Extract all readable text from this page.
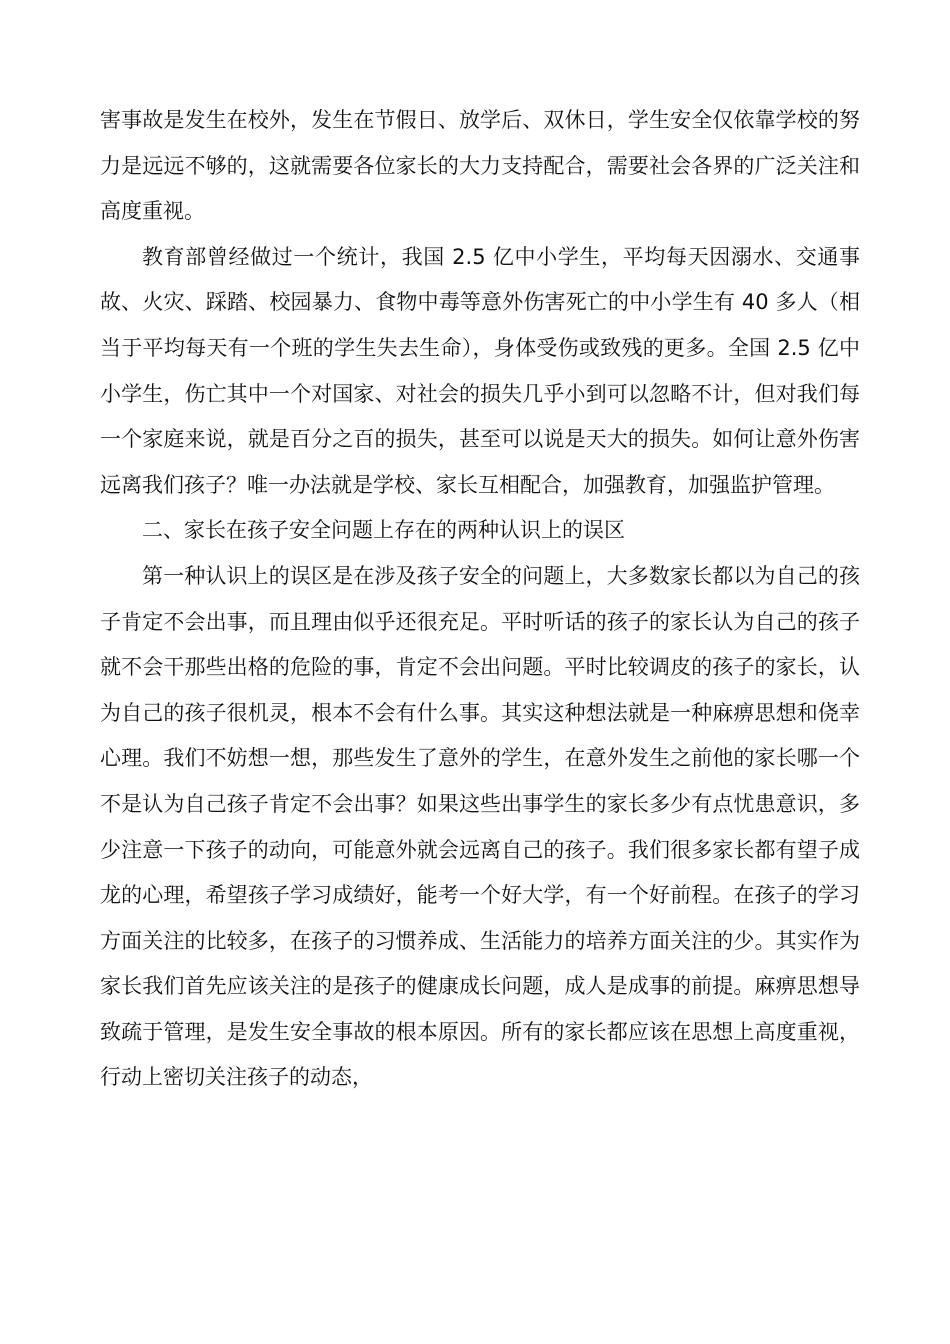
害事故是发生在校外，发生在节假日、放学后、双休日，学生安全仅依靠学校的努力是远远不够的，这就需要各位家长的大力支持配合，需要社会各界的广泛关注和高度重视。

教育部曾经做过一个统计，我国 2.5 亿中小学生，平均每天因溺水、交通事故、火灾、踩踏、校园暴力、食物中毒等意外伤害死亡的中小学生有 40 多人（相当于平均每天有一个班的学生失去生命），身体受伤或致残的更多。全国 2.5 亿中小学生，伤亡其中一个对国家、对社会的损失几乎小到可以忽略不计，但对我们每一个家庭来说，就是百分之百的损失，甚至可以说是天大的损失。如何让意外伤害远离我们孩子？唯一办法就是学校、家长互相配合，加强教育，加强监护管理。

二、家长在孩子安全问题上存在的两种认识上的误区

第一种认识上的误区是在涉及孩子安全的问题上，大多数家长都以为自己的孩子肯定不会出事，而且理由似乎还很充足。平时听话的孩子的家长认为自己的孩子就不会干那些出格的危险的事，肯定不会出问题。平时比较调皮的孩子的家长，认为自己的孩子很机灵，根本不会有什么事。其实这种想法就是一种麻痹思想和侥幸心理。我们不妨想一想，那些发生了意外的学生，在意外发生之前他的家长哪一个不是认为自己孩子肯定不会出事？如果这些出事学生的家长多少有点忧患意识，多少注意一下孩子的动向，可能意外就会远离自己的孩子。我们很多家长都有望子成龙的心理，希望孩子学习成绩好，能考一个好大学，有一个好前程。在孩子的学习方面关注的比较多，在孩子的习惯养成、生活能力的培养方面关注的少。其实作为家长我们首先应该关注的是孩子的健康成长问题，成人是成事的前提。麻痹思想导致疏于管理，是发生安全事故的根本原因。所有的家长都应该在思想上高度重视，行动上密切关注孩子的动态，
